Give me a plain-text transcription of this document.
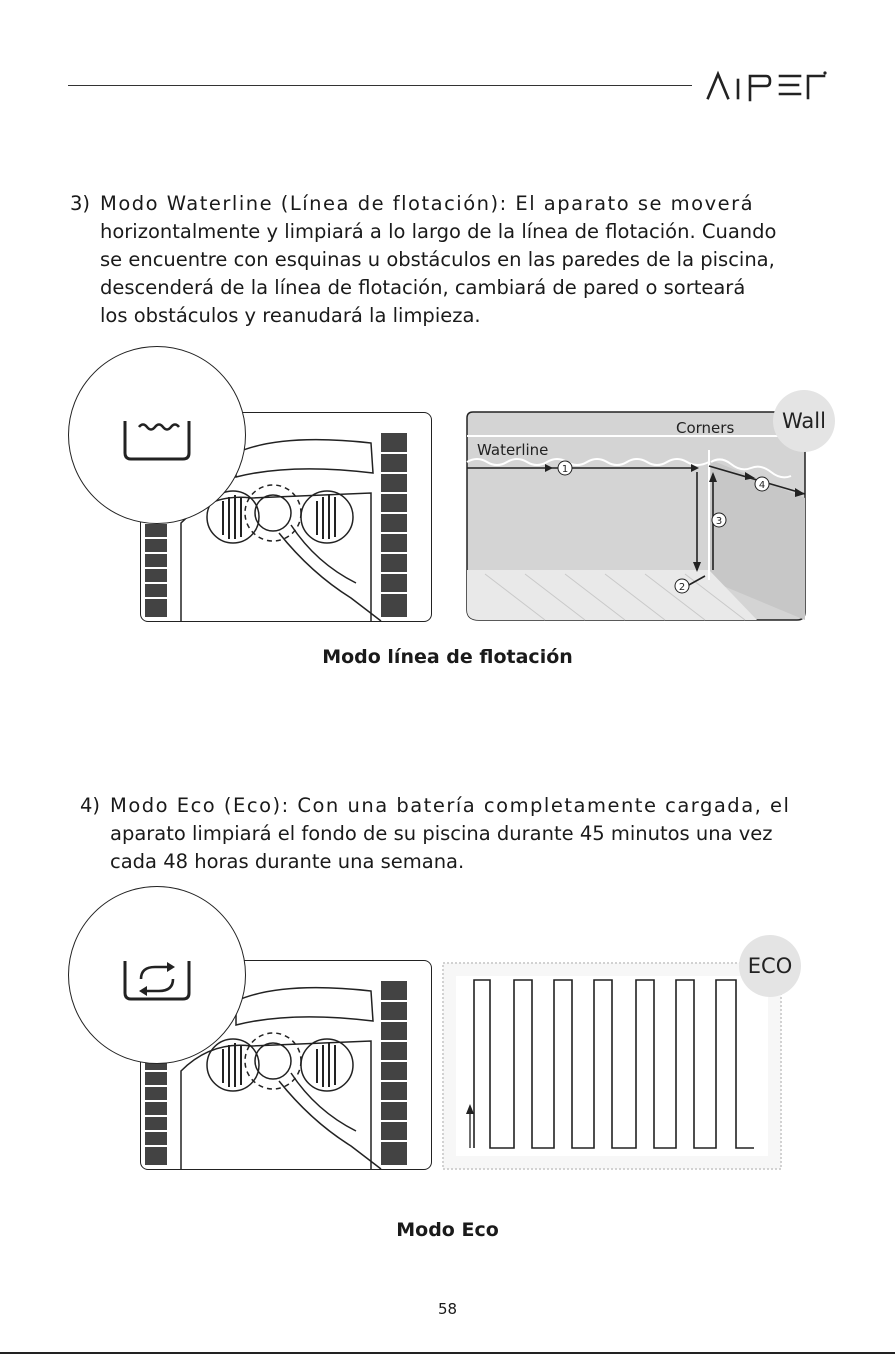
3) Modo Waterline (Línea de flotación): El aparato se moverá
horizontalmente y limpiará a lo largo de la línea de flotación. Cuando
se encuentre con esquinas u obstáculos en las paredes de la piscina,
descenderá de la línea de flotación, cambiará de pared o sorteará
los obstáculos y reanudará la limpieza.
1
2
3
4
Waterline
Corners	Wall
Modo línea de flotación
4) Modo Eco (Eco): Con una batería completamente cargada, el
aparato limpiará el fondo de su piscina durante 45 minutos una vez
cada 48 horas durante una semana.
ECO
Modo Eco
58
